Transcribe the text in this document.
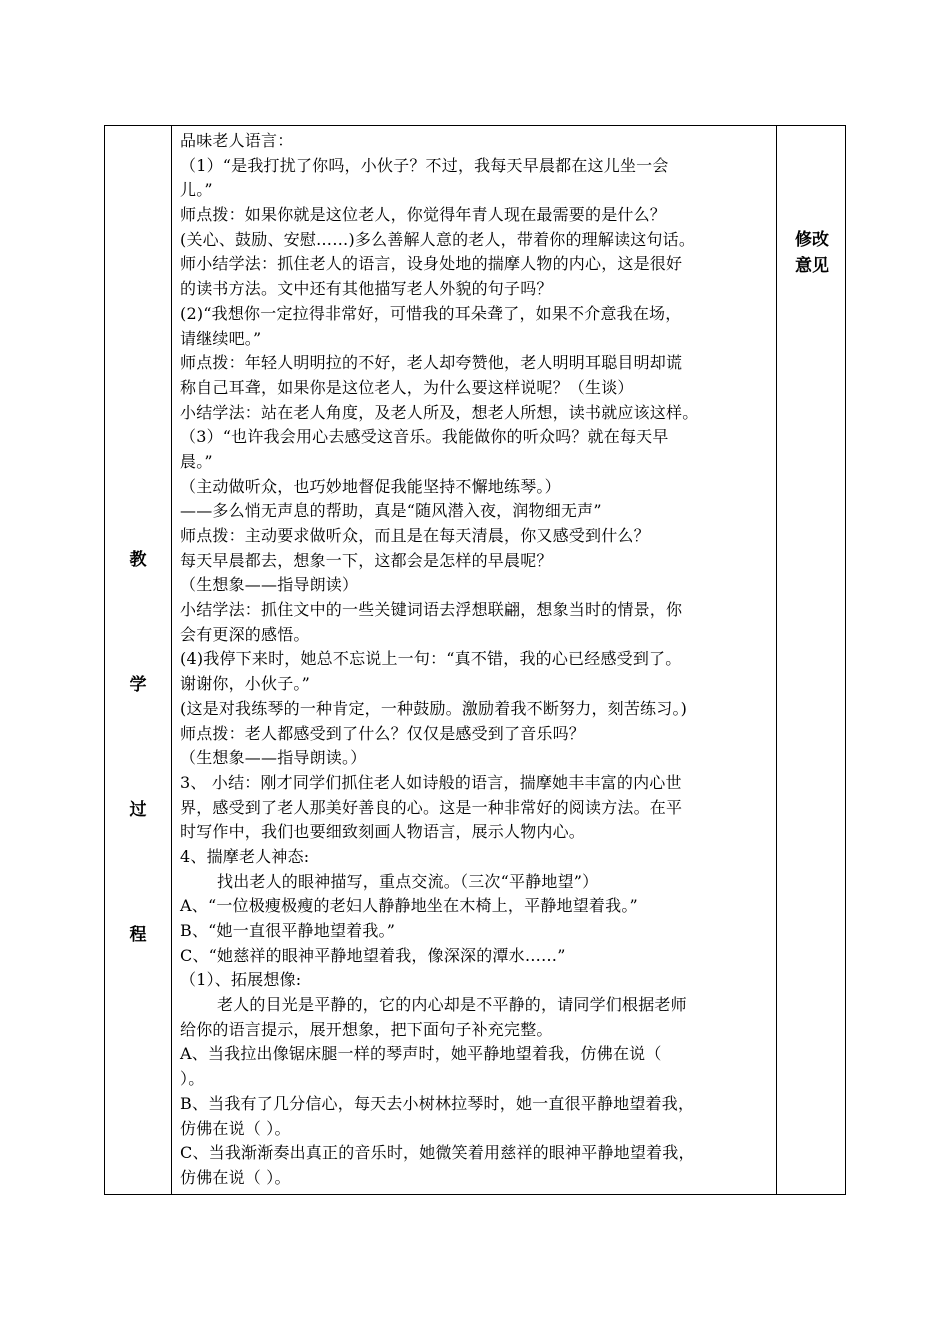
教
学
过
程
修改
意见
品味老人语言：
（1）“是我打扰了你吗，小伙子？不过，我每天早晨都在这儿坐一会
儿。”
师点拨：如果你就是这位老人，你觉得年青人现在最需要的是什么？
(关心、鼓励、安慰……)多么善解人意的老人，带着你的理解读这句话。
师小结学法：抓住老人的语言，设身处地的揣摩人物的内心，这是很好
的读书方法。文中还有其他描写老人外貌的句子吗？
(2)“我想你一定拉得非常好，可惜我的耳朵聋了，如果不介意我在场，
请继续吧。”
师点拨：年轻人明明拉的不好，老人却夸赞他，老人明明耳聪目明却谎
称自己耳聋，如果你是这位老人，为什么要这样说呢？（生谈）
小结学法：站在老人角度，及老人所及，想老人所想，读书就应该这样。
（3）“也许我会用心去感受这音乐。我能做你的听众吗？就在每天早
晨。”
（主动做听众，也巧妙地督促我能坚持不懈地练琴。）
——多么悄无声息的帮助，真是“随风潜入夜，润物细无声”
师点拨：主动要求做听众，而且是在每天清晨，你又感受到什么？
每天早晨都去，想象一下，这都会是怎样的早晨呢？
（生想象——指导朗读）
小结学法：抓住文中的一些关键词语去浮想联翩，想象当时的情景，你
会有更深的感悟。
(4)我停下来时，她总不忘说上一句：“真不错，我的心已经感受到了。
谢谢你，小伙子。”
(这是对我练琴的一种肯定，一种鼓励。激励着我不断努力，刻苦练习。)
师点拨：老人都感受到了什么？仅仅是感受到了音乐吗？
（生想象——指导朗读。）
3、 小结：刚才同学们抓住老人如诗般的语言，揣摩她丰丰富的内心世
界，感受到了老人那美好善良的心。这是一种非常好的阅读方法。在平
时写作中，我们也要细致刻画人物语言，展示人物内心。
4、揣摩老人神态:
找出老人的眼神描写，重点交流。（三次“平静地望”）
A、“一位极瘦极瘦的老妇人静静地坐在木椅上，平静地望着我。”
B、“她一直很平静地望着我。”
C、“她慈祥的眼神平静地望着我，像深深的潭水……”
（1）、拓展想像:
老人的目光是平静的，它的内心却是不平静的，请同学们根据老师
给你的语言提示，展开想象，把下面句子补充完整。
A、当我拉出像锯床腿一样的琴声时，她平静地望着我，仿佛在说（
）。
B、当我有了几分信心，每天去小树林拉琴时，她一直很平静地望着我，
仿佛在说（ ）。
C、当我渐渐奏出真正的音乐时，她微笑着用慈祥的眼神平静地望着我，
仿佛在说（ ）。
